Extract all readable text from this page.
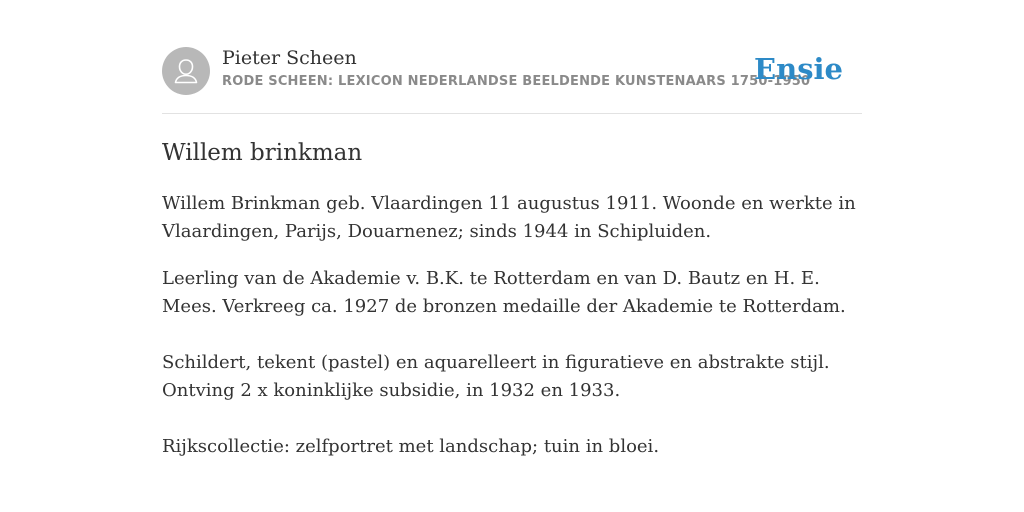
Pieter Scheen
RODE SCHEEN: LEXICON NEDERLANDSE BEELDENDE KUNSTENAARS 1750-1950
Ensie
Willem brinkman

Willem Brinkman geb. Vlaardingen 11 augustus 1911. Woonde en werkte in Vlaardingen, Parijs, Douarnenez; sinds 1944 in Schipluiden.

Leerling van de Akademie v. B.K. te Rotterdam en van D. Bautz en H. E. Mees. Verkreeg ca. 1927 de bronzen medaille der Akademie te Rotterdam.

Schildert, tekent (pastel) en aquarelleert in figuratieve en abstrakte stijl. Ontving 2 x koninklijke subsidie, in 1932 en 1933.

Rijkscollectie: zelfportret met landschap; tuin in bloei.
